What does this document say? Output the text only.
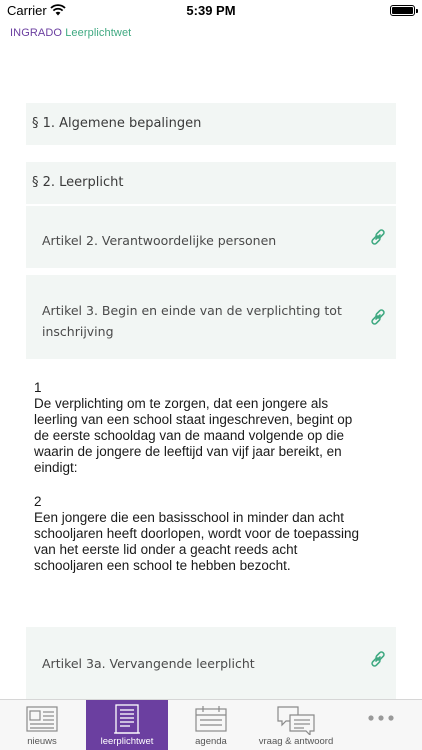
Carrier	5:39 PM
INGRADO Leerplichtwet
§ 1. Algemene bepalingen
§ 2. Leerplicht
Artikel 2. Verantwoordelijke personen
Artikel 3. Begin en einde van de verplichting tot
inschrijving

1

De verplichting om te zorgen, dat een jongere als

leerling van een school staat ingeschreven, begint op

de eerste schooldag van de maand volgende op die

waarin de jongere de leeftijd van vijf jaar bereikt, en

eindigt:

2

Een jongere die een basisschool in minder dan acht

schooljaren heeft doorlopen, wordt voor de toepassing

van het eerste lid onder a geacht reeds acht

schooljaren een school te hebben bezocht.

Artikel 3a. Vervangende leerplicht
nieuws	leerplichtwet	agenda	vraag & antwoord
